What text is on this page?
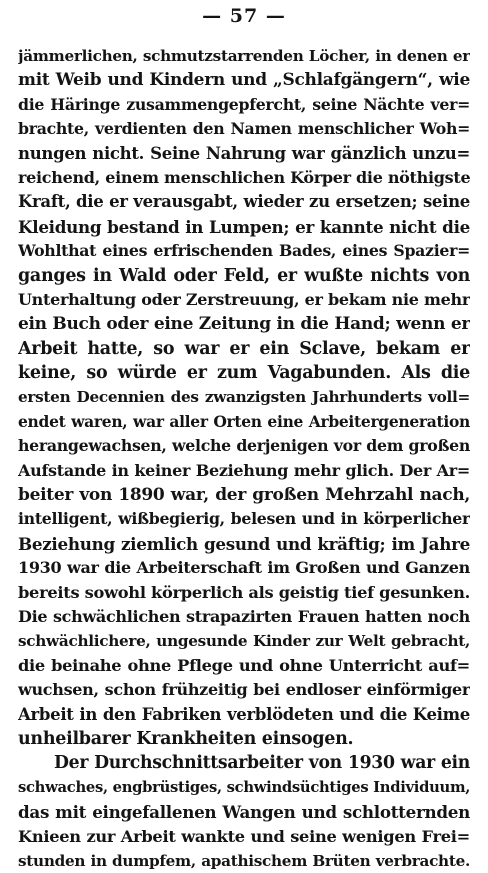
— 57 —
jämmerlichen, schmutzstarrenden Löcher, in denen er
mit Weib und Kindern und „Schlafgängern“, wie
die Häringe zusammengepfercht, seine Nächte ver=
brachte, verdienten den Namen menschlicher Woh=
nungen nicht. Seine Nahrung war gänzlich unzu=
reichend, einem menschlichen Körper die nöthigste
Kraft, die er verausgabt, wieder zu ersetzen; seine
Kleidung bestand in Lumpen; er kannte nicht die
Wohlthat eines erfrischenden Bades, eines Spazier=
ganges in Wald oder Feld, er wußte nichts von
Unterhaltung oder Zerstreuung, er bekam nie mehr
ein Buch oder eine Zeitung in die Hand; wenn er
Arbeit hatte, so war er ein Sclave, bekam er
keine, so würde er zum Vagabunden. Als die
ersten Decennien des zwanzigsten Jahrhunderts voll=
endet waren, war aller Orten eine Arbeitergeneration
herangewachsen, welche derjenigen vor dem großen
Aufstande in keiner Beziehung mehr glich. Der Ar=
beiter von 1890 war, der großen Mehrzahl nach,
intelligent, wißbegierig, belesen und in körperlicher
Beziehung ziemlich gesund und kräftig; im Jahre
1930 war die Arbeiterschaft im Großen und Ganzen
bereits sowohl körperlich als geistig tief gesunken.
Die schwächlichen strapazirten Frauen hatten noch
schwächlichere, ungesunde Kinder zur Welt gebracht,
die beinahe ohne Pflege und ohne Unterricht auf=
wuchsen, schon frühzeitig bei endloser einförmiger
Arbeit in den Fabriken verblödeten und die Keime
unheilbarer Krankheiten einsogen.
Der Durchschnittsarbeiter von 1930 war ein
schwaches, engbrüstiges, schwindsüchtiges Individuum,
das mit eingefallenen Wangen und schlotternden
Knieen zur Arbeit wankte und seine wenigen Frei=
stunden in dumpfem, apathischem Brüten verbrachte.
